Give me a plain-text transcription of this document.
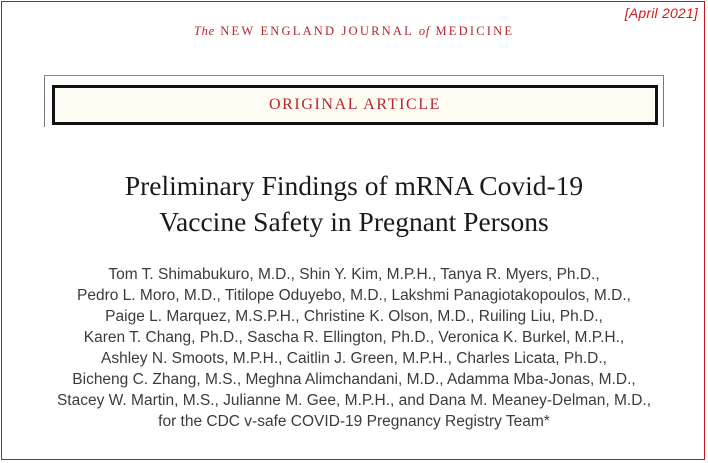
[April 2021]
The NEW ENGLAND JOURNAL of MEDICINE
ORIGINAL ARTICLE
Preliminary Findings of mRNA Covid-19
Vaccine Safety in Pregnant Persons
Tom T. Shimabukuro, M.D., Shin Y. Kim, M.P.H., Tanya R. Myers, Ph.D.,
Pedro L. Moro, M.D., Titilope Oduyebo, M.D., Lakshmi Panagiotakopoulos, M.D.,
Paige L. Marquez, M.S.P.H., Christine K. Olson, M.D., Ruiling Liu, Ph.D.,
Karen T. Chang, Ph.D., Sascha R. Ellington, Ph.D., Veronica K. Burkel, M.P.H.,
Ashley N. Smoots, M.P.H., Caitlin J. Green, M.P.H., Charles Licata, Ph.D.,
Bicheng C. Zhang, M.S., Meghna Alimchandani, M.D., Adamma Mba-Jonas, M.D.,
Stacey W. Martin, M.S., Julianne M. Gee, M.P.H., and Dana M. Meaney-Delman, M.D.,
for the CDC v-safe COVID-19 Pregnancy Registry Team*
